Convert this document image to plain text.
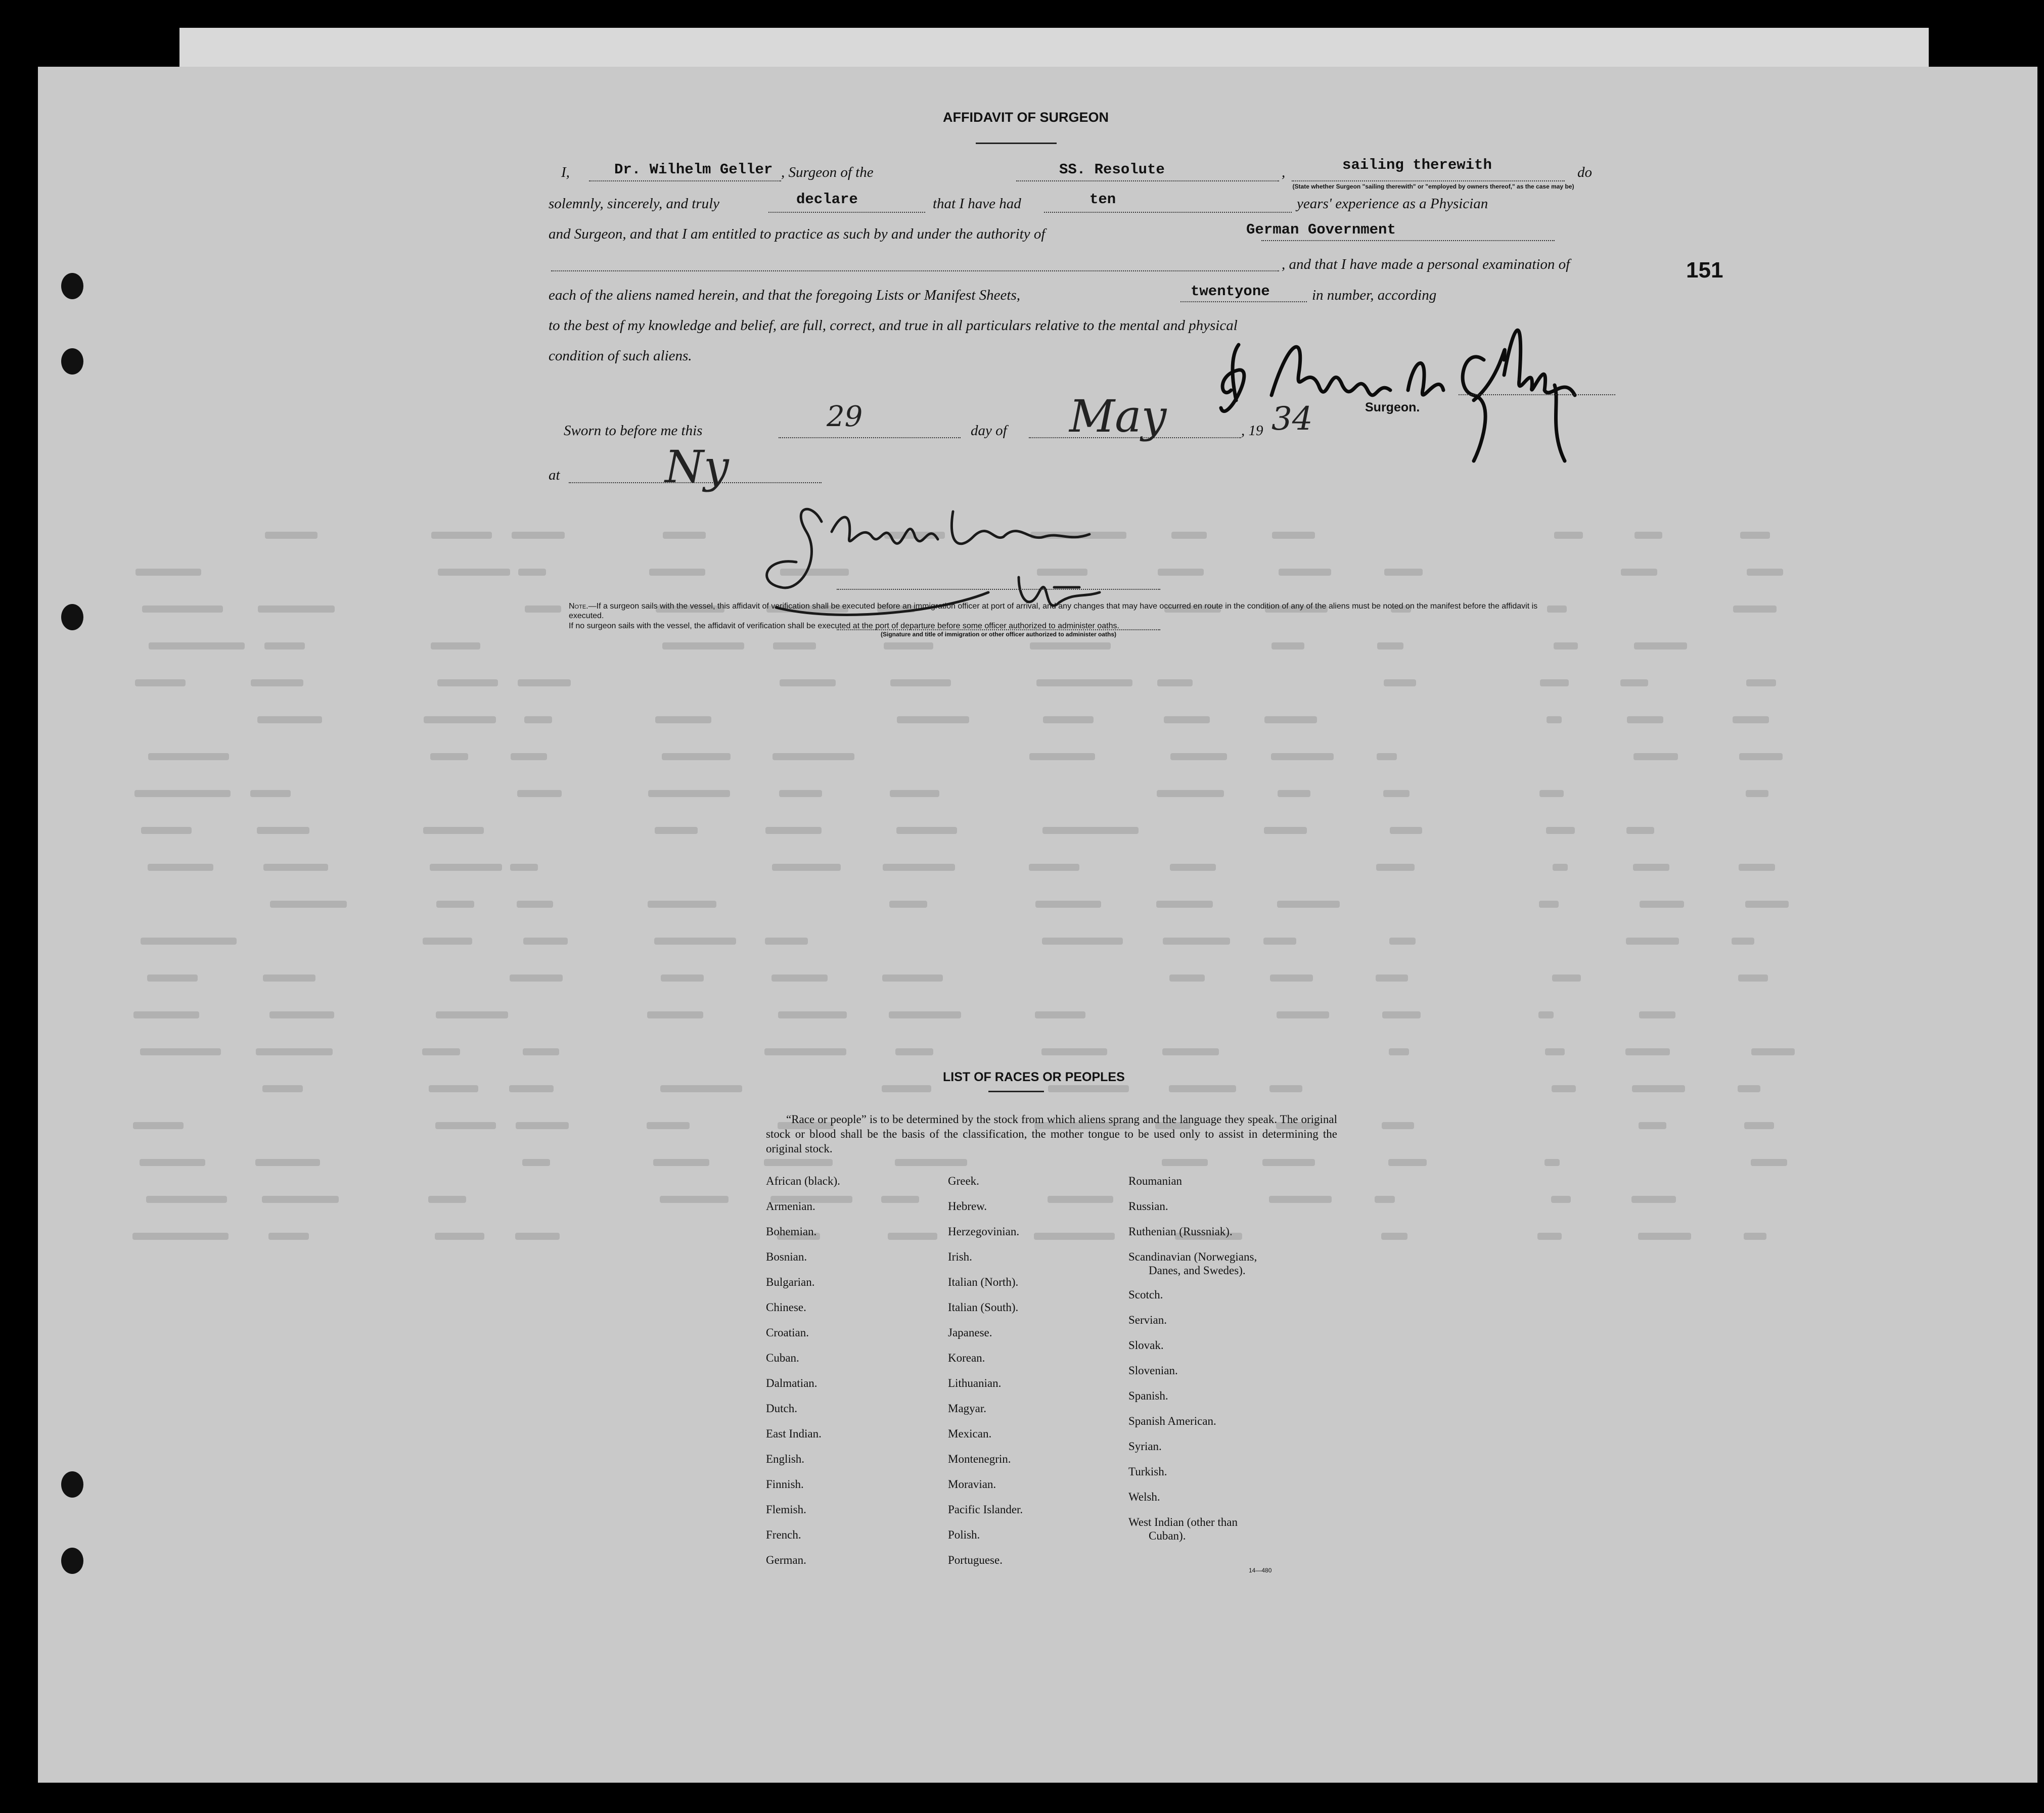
151
AFFIDAVIT OF SURGEON
I,	Dr. Wilhelm Geller , Surgeon of the	SS. Resolute	,	sailing therewith	do
(State whether Surgeon "sailing therewith" or "employed by owners thereof," as the case may be)
solemnly, sincerely, and truly	declare	that I have had	ten	years' experience as a Physician
and Surgeon, and that I am entitled to practice as such by and under the authority of	German Government
, and that I have made a personal examination of
each of the aliens named herein, and that the foregoing Lists or Manifest Sheets,	twentyone	in number, according
to the best of my knowledge and belief, are full, correct, and true in all particulars relative to the mental and physical
condition of such aliens.
Surgeon.
Sworn to before me this	29	day of May	, 19 34
at Ny
(Signature and title of immigration or other officer authorized to administer oaths)
Note.—If a surgeon sails with the vessel, this affidavit of verification shall be executed before an immigration officer at port of arrival, and any changes that may have occurred en route in the condition of any of the aliens must be noted on the manifest before the affidavit is executed.
If no surgeon sails with the vessel, the affidavit of verification shall be executed at the port of departure before some officer authorized to administer oaths.
LIST OF RACES OR PEOPLES
“Race or people” is to be determined by the stock from which aliens sprang and the language they speak. The original stock or blood shall be the basis of the classification, the mother tongue to be used only to assist in determining the original stock.
African (black).
Armenian.
Bohemian.
Bosnian.
Bulgarian.
Chinese.
Croatian.
Cuban.
Dalmatian.
Dutch.
East Indian.
English.
Finnish.
Flemish.
French.
German.
Greek.
Hebrew.
Herzegovinian.
Irish.
Italian (North).
Italian (South).
Japanese.
Korean.
Lithuanian.
Magyar.
Mexican.
Montenegrin.
Moravian.
Pacific Islander.
Polish.
Portuguese.
Roumanian
Russian.
Ruthenian (Russniak).
Scandinavian (Norwegians,
Danes, and Swedes).
Scotch.
Servian.
Slovak.
Slovenian.
Spanish.
Spanish American.
Syrian.
Turkish.
Welsh.
West Indian (other than
Cuban).
14—480
